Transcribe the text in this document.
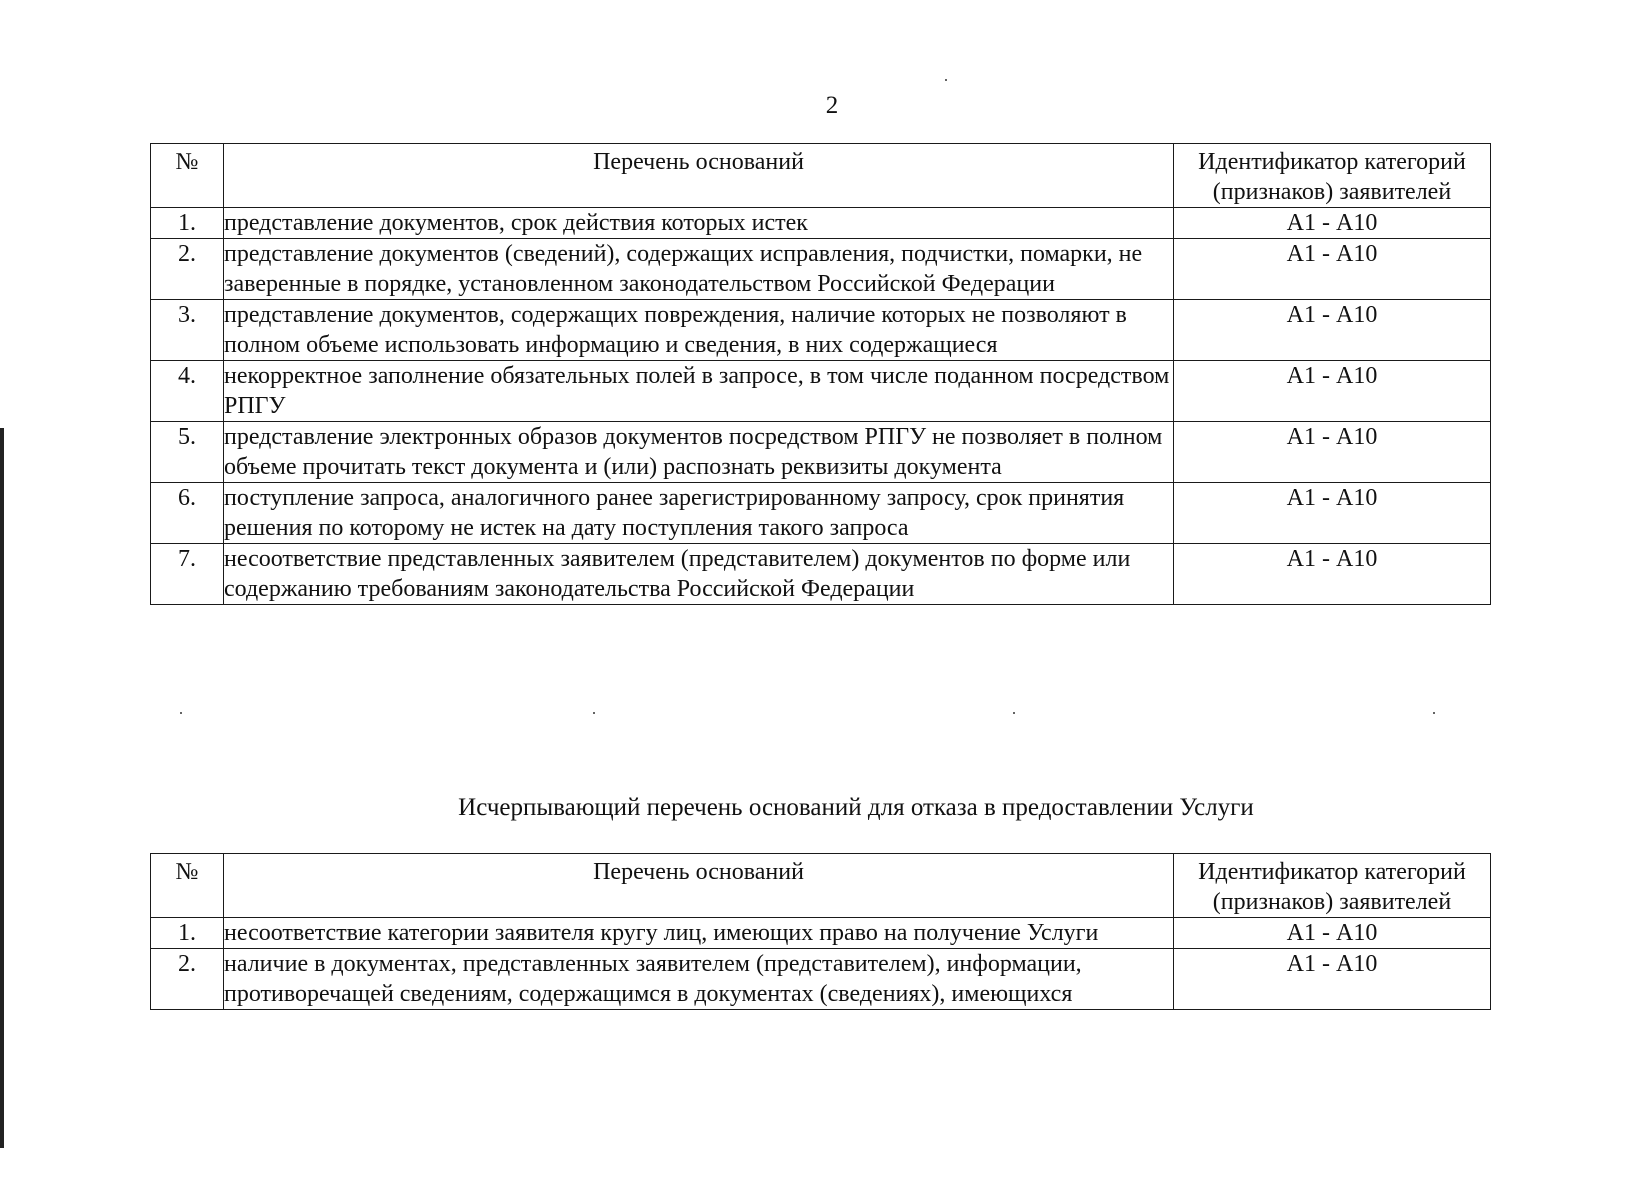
2
№	Перечень оснований	Идентификатор категорий (признаков) заявителей
1.	представление документов, срок действия которых истек	А1 - А10
2.	представление документов (сведений), содержащих исправления, подчистки, помарки, не заверенные в порядке, установленном законодательством Российской Федерации	А1 - А10
3.	представление документов, содержащих повреждения, наличие которых не позволяют в полном объеме использовать информацию и сведения, в них содержащиеся	А1 - А10
4.	некорректное заполнение обязательных полей в запросе, в том числе поданном посредством РПГУ	А1 - А10
5.	представление электронных образов документов посредством РПГУ не позволяет в полном объеме прочитать текст документа и (или) распознать реквизиты документа	А1 - А10
6.	поступление запроса, аналогичного ранее зарегистрированному запросу, срок принятия решения по которому не истек на дату поступления такого запроса	А1 - А10
7.	несоответствие представленных заявителем (представителем) документов по форме или содержанию требованиям законодательства Российской Федерации	А1 - А10
Исчерпывающий перечень оснований для отказа в предоставлении Услуги
№	Перечень оснований	Идентификатор категорий (признаков) заявителей
1.	несоответствие категории заявителя кругу лиц, имеющих право на получение Услуги	А1 - А10
2.	наличие в документах, представленных заявителем (представителем), информации, противоречащей сведениям, содержащимся в документах (сведениях), имеющихся	А1 - А10
